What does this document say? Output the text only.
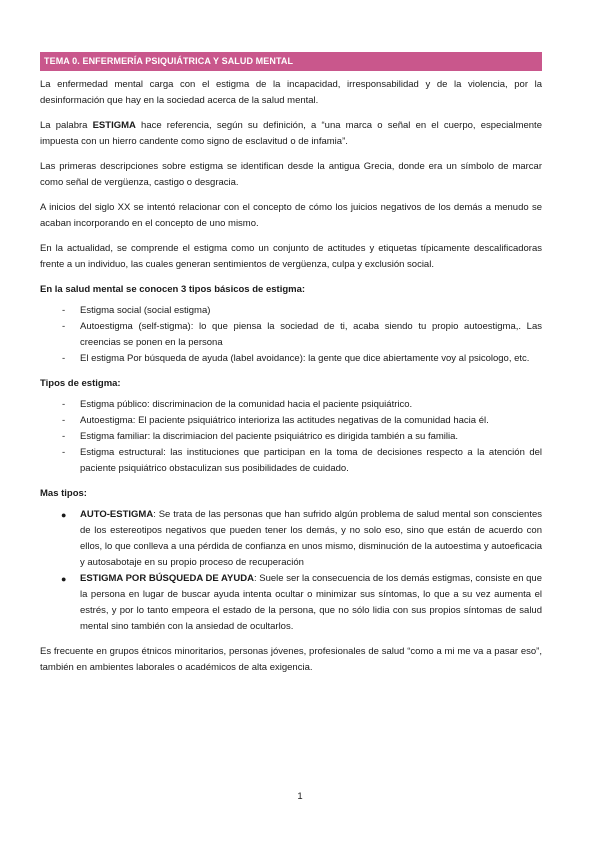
TEMA 0. ENFERMERÍA PSIQUIÁTRICA Y SALUD MENTAL

La enfermedad mental carga con el estigma de la incapacidad, irresponsabilidad y de la violencia, por la desinformación que hay en la sociedad acerca de la salud mental.

La palabra ESTIGMA hace referencia, según su definición, a “una marca o señal en el cuerpo, especialmente impuesta con un hierro candente como signo de esclavitud o de infamia”.

Las primeras descripciones sobre estigma se identifican desde la antigua Grecia, donde era un símbolo de marcar como señal de vergüenza, castigo o desgracia.

A inicios del siglo XX se intentó relacionar con el concepto de cómo los juicios negativos de los demás a menudo se acaban incorporando en el concepto de uno mismo.

En la actualidad, se comprende el estigma como un conjunto de actitudes y etiquetas típicamente descalificadoras frente a un individuo, las cuales generan sentimientos de vergüenza, culpa y exclusión social.

En la salud mental se conocen 3 tipos básicos de estigma:

- Estigma social (social estigma)
- Autoestigma (self-stigma): lo que piensa la sociedad de ti, acaba siendo tu propio autoestigma,. Las creencias se ponen en la persona
- El estigma Por búsqueda de ayuda (label avoidance): la gente que dice abiertamente voy al psicologo, etc.

Tipos de estigma:

- Estigma público: discriminacion de la comunidad hacia el paciente psiquiátrico.
- Autoestigma: El paciente psiquiátrico interioriza las actitudes negativas de la comunidad hacia él.
- Estigma familiar: la discrimiacion del paciente psiquiátrico es dirigida también a su familia.
- Estigma estructural: las instituciones que participan en la toma de decisiones respecto a la atención del paciente psiquiátrico obstaculizan sus posibilidades de cuidado.

Mas tipos:

● AUTO-ESTIGMA: Se trata de las personas que han sufrido algún problema de salud mental son conscientes de los estereotipos negativos que pueden tener los demás, y no solo eso, sino que están de acuerdo con ellos, lo que conlleva a una pérdida de confianza en unos mismo, disminución de la autoestima y autoeficacia y autosabotaje en su propio proceso de recuperación
● ESTIGMA POR BÚSQUEDA DE AYUDA: Suele ser la consecuencia de los demás estigmas, consiste en que la persona en lugar de buscar ayuda intenta ocultar o minimizar sus síntomas, lo que a su vez aumenta el estrés, y por lo tanto empeora el estado de la persona, que no sólo lidia con sus propios síntomas de salud mental sino también con la ansiedad de ocultarlos.

Es frecuente en grupos étnicos minoritarios, personas jóvenes, profesionales de salud “como a mi me va a pasar eso”, también en ambientes laborales o académicos de alta exigencia.

1
